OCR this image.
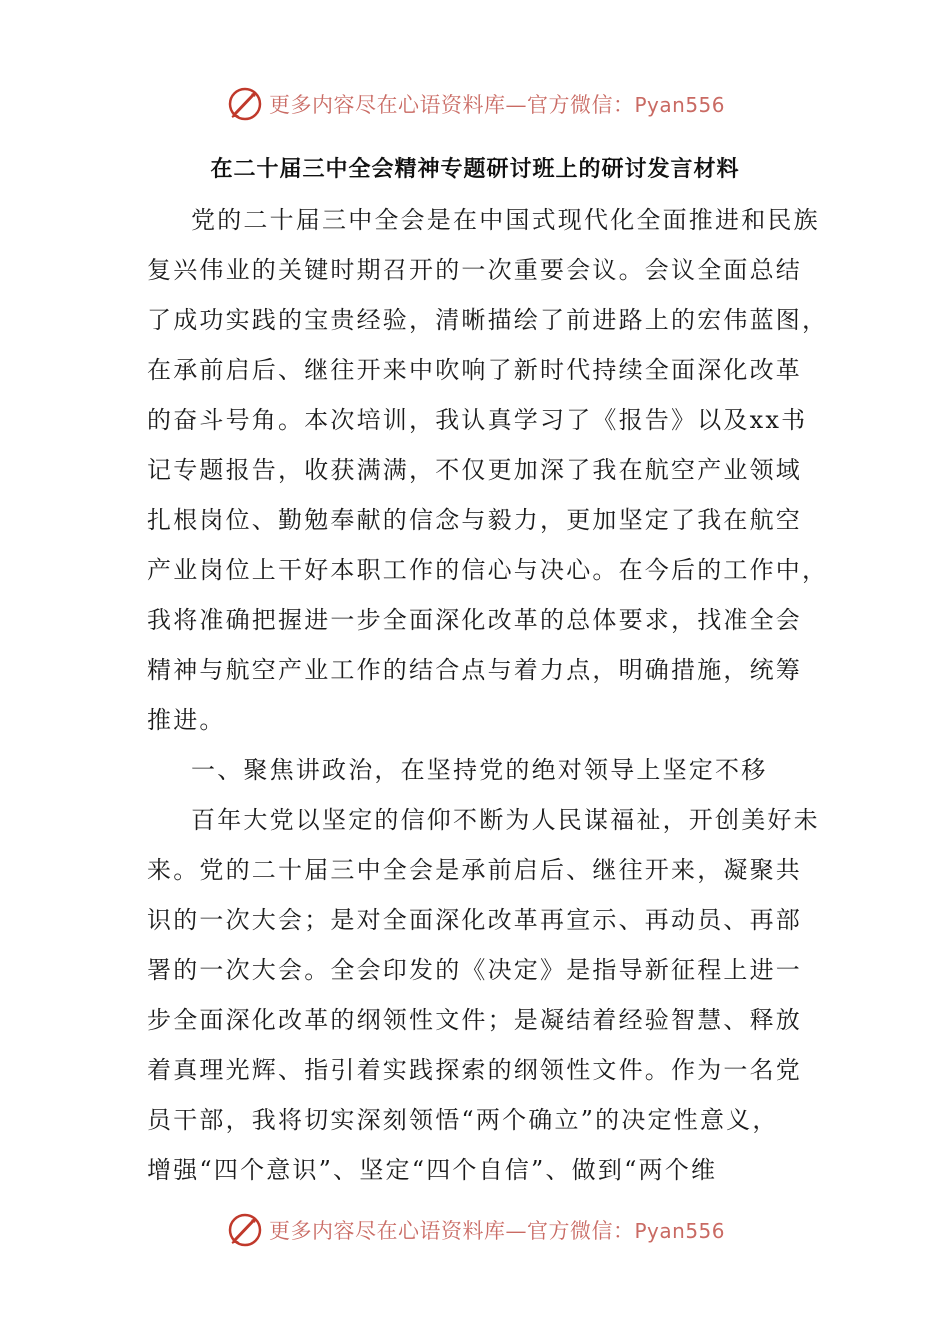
更多内容尽在心语资料库—官方微信：Pyan556
在二十届三中全会精神专题研讨班上的研讨发言材料
党的二十届三中全会是在中国式现代化全面推进和民族
复兴伟业的关键时期召开的一次重要会议。会议全面总结
了成功实践的宝贵经验，清晰描绘了前进路上的宏伟蓝图，
在承前启后、继往开来中吹响了新时代持续全面深化改革
的奋斗号角。本次培训，我认真学习了《报告》以及xx书
记专题报告，收获满满，不仅更加深了我在航空产业领域
扎根岗位、勤勉奉献的信念与毅力，更加坚定了我在航空
产业岗位上干好本职工作的信心与决心。在今后的工作中，
我将准确把握进一步全面深化改革的总体要求，找准全会
精神与航空产业工作的结合点与着力点，明确措施，统筹
推进。
一、聚焦讲政治，在坚持党的绝对领导上坚定不移
百年大党以坚定的信仰不断为人民谋福祉，开创美好未
来。党的二十届三中全会是承前启后、继往开来，凝聚共
识的一次大会；是对全面深化改革再宣示、再动员、再部
署的一次大会。全会印发的《决定》是指导新征程上进一
步全面深化改革的纲领性文件；是凝结着经验智慧、释放
着真理光辉、指引着实践探索的纲领性文件。作为一名党
员干部，我将切实深刻领悟“两个确立”的决定性意义，
增强“四个意识”、坚定“四个自信”、做到“两个维
更多内容尽在心语资料库—官方微信：Pyan556
